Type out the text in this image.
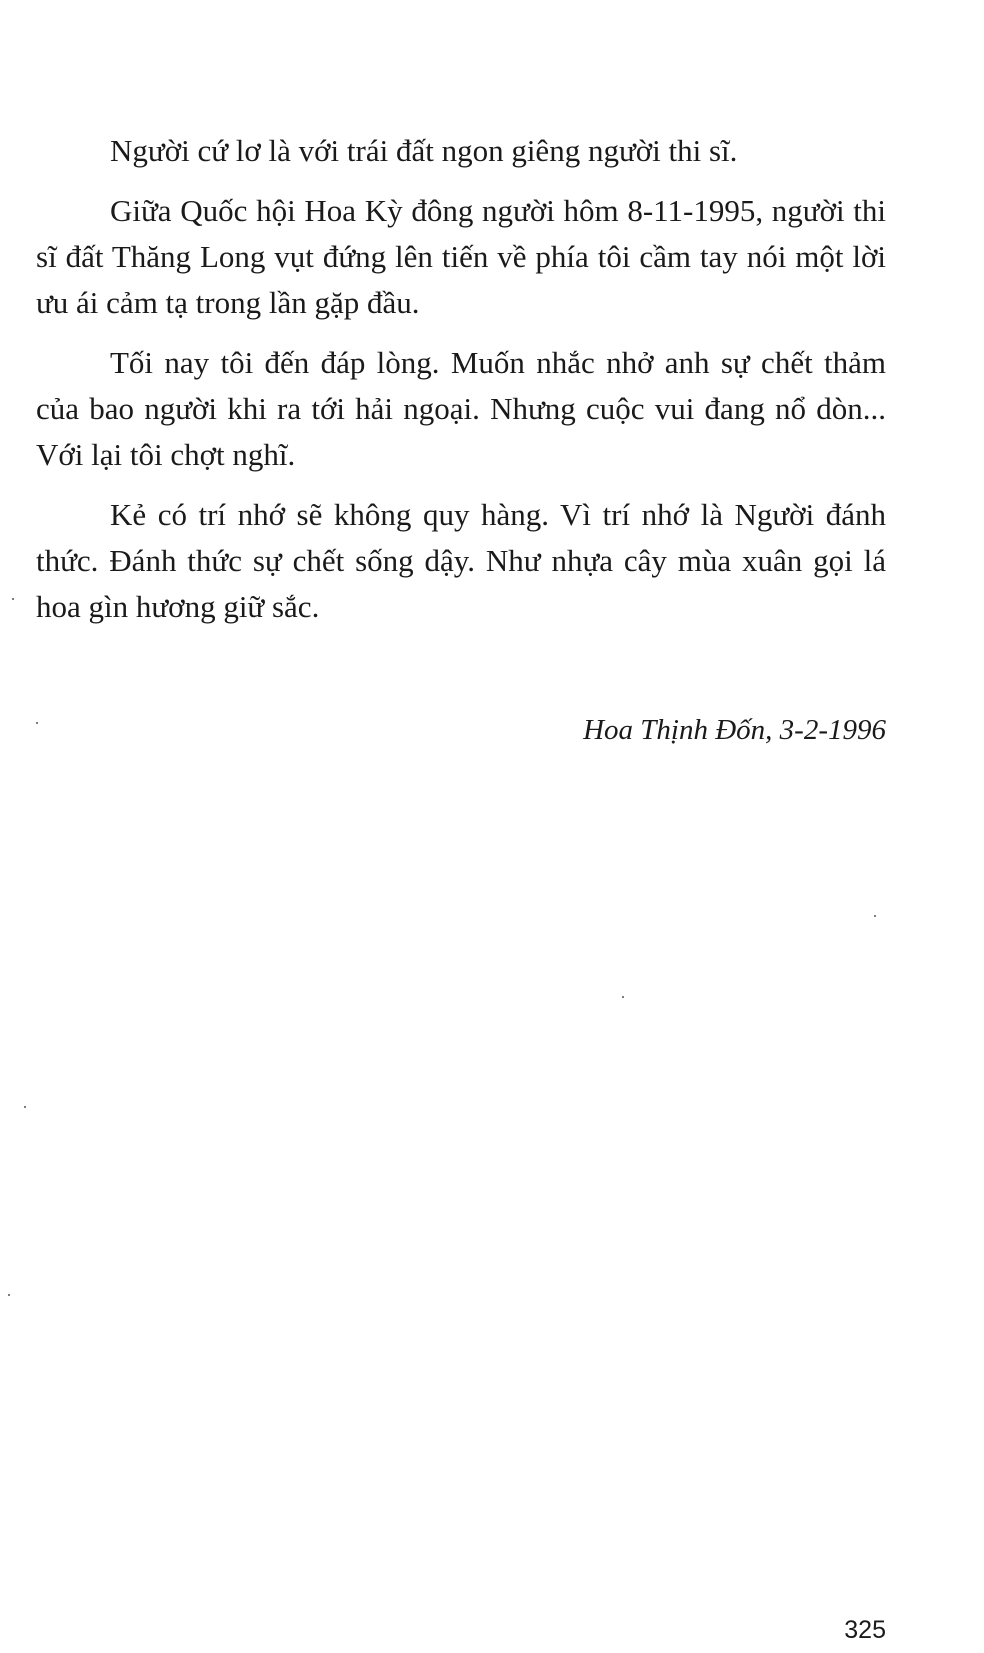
Người cứ lơ là với trái đất ngon giêng người thi sĩ.

Giữa Quốc hội Hoa Kỳ đông người hôm 8-11-1995, người thi sĩ đất Thăng Long vụt đứng lên tiến về phía tôi cầm tay nói một lời ưu ái cảm tạ trong lần gặp đầu.

Tối nay tôi đến đáp lòng. Muốn nhắc nhở anh sự chết thảm của bao người khi ra tới hải ngoại. Nhưng cuộc vui đang nổ dòn... Với lại tôi chợt nghĩ.

Kẻ có trí nhớ sẽ không quy hàng. Vì trí nhớ là Người đánh thức. Đánh thức sự chết sống dậy. Như nhựa cây mùa xuân gọi lá hoa gìn hương giữ sắc.

Hoa Thịnh Đốn, 3-2-1996
325
